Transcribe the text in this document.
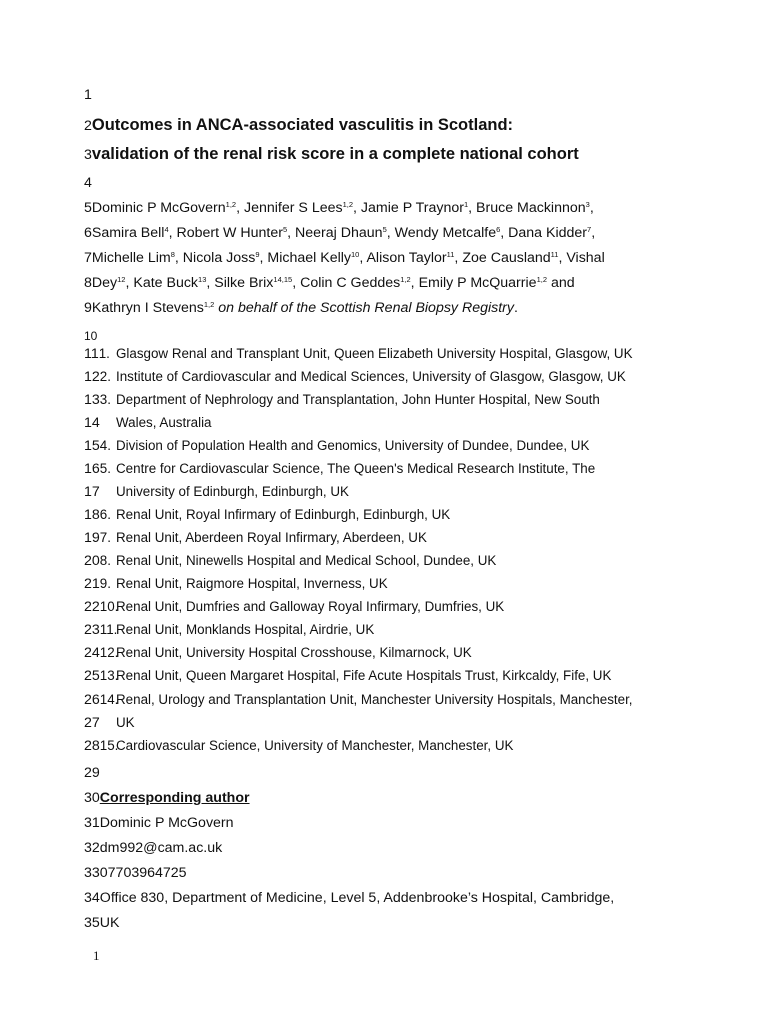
1
2Outcomes in ANCA-associated vasculitis in Scotland:
3validation of the renal risk score in a complete national cohort
4
5Dominic P McGovern$^{1,2}$, Jennifer S Lees$^{1,2}$, Jamie P Traynor$^1$, Bruce Mackinnon$^3$,
6Samira Bell$^4$, Robert W Hunter$^5$, Neeraj Dhaun$^5$, Wendy Metcalfe$^6$, Dana Kidder$^7$,
7Michelle Lim$^8$, Nicola Joss$^9$, Michael Kelly$^{10}$, Alison Taylor$^{11}$, Zoe Causland$^{11}$, Vishal
8Dey$^{12}$, Kate Buck$^{13}$, Silke Brix$^{14,15}$, Colin C Geddes$^{1,2}$, Emily P McQuarrie$^{1,2}$ and
9Kathryn I Stevens$^{1,2}$ on behalf of the Scottish Renal Biopsy Registry.
10
111. Glasgow Renal and Transplant Unit, Queen Elizabeth University Hospital, Glasgow, UK
122. Institute of Cardiovascular and Medical Sciences, University of Glasgow, Glasgow, UK
133. Department of Nephrology and Transplantation, John Hunter Hospital, New South
14 Wales, Australia
154. Division of Population Health and Genomics, University of Dundee, Dundee, UK
165. Centre for Cardiovascular Science, The Queen's Medical Research Institute, The
17 University of Edinburgh, Edinburgh, UK
186. Renal Unit, Royal Infirmary of Edinburgh, Edinburgh, UK
197. Renal Unit, Aberdeen Royal Infirmary, Aberdeen, UK
208. Renal Unit, Ninewells Hospital and Medical School, Dundee, UK
219. Renal Unit, Raigmore Hospital, Inverness, UK
2210.
Renal Unit, Dumfries and Galloway Royal Infirmary, Dumfries, UK
2311.
Renal Unit, Monklands Hospital, Airdrie, UK
2412.
Renal Unit, University Hospital Crosshouse, Kilmarnock, UK
2513.
Renal Unit, Queen Margaret Hospital, Fife Acute Hospitals Trust, Kirkcaldy, Fife, UK
2614.
Renal, Urology and Transplantation Unit, Manchester University Hospitals, Manchester,
27 UK
2815.
Cardiovascular Science, University of Manchester, Manchester, UK
29
30Corresponding author
31Dominic P McGovern
32dm992@cam.ac.uk
3307703964725
34Office 830, Department of Medicine, Level 5, Addenbrooke’s Hospital, Cambridge,
35UK
1
